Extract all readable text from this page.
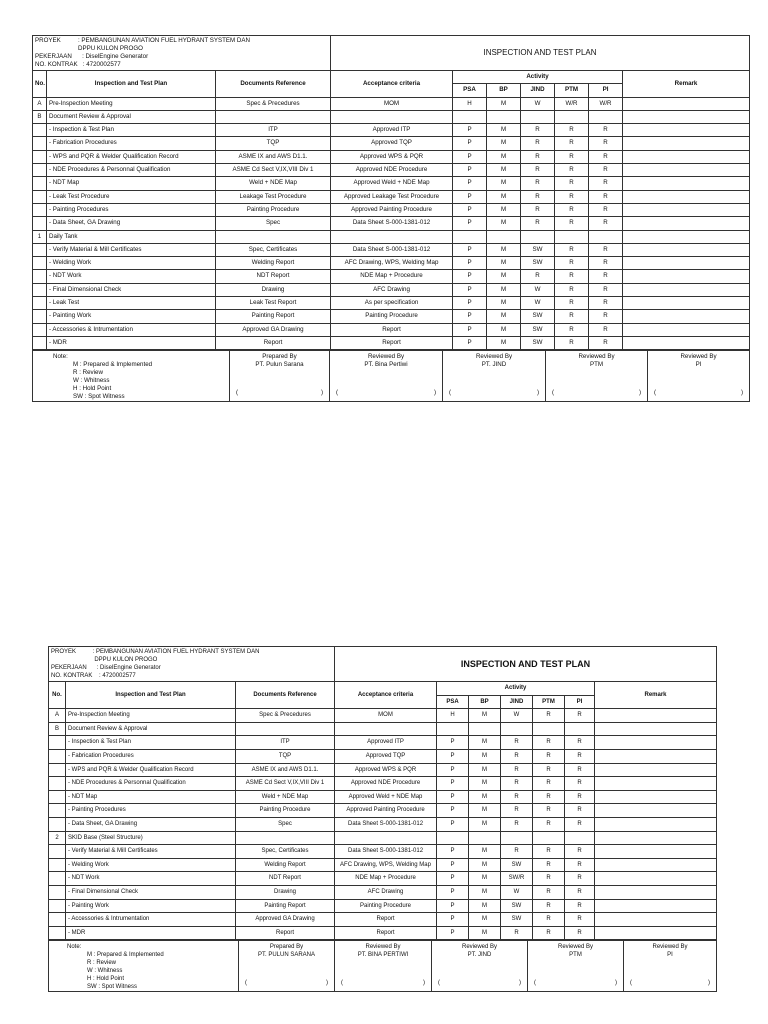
PROYEK          : PEMBANGUNAN AVIATION FUEL HYDRANT SYSTEM DAN
DPPU KULON PROGO
PEKERJAAN      : DiselEngine Generator
NO. KONTRAK   : 4720002577			INSPECTION AND TEST PLAN						
No.	Inspection and Test Plan	Documents Reference	Acceptance criteria	Activity					Remark
				PSA	BP	JIND	PTM	PI	
A	Pre-Inspection Meeting	Spec & Precedures	MOM	H	M	W	W/R	W/R	
B	Document Review & Approval								
	- Inspection & Test Plan	ITP	Approved ITP	P	M	R	R	R	
	- Fabrication Procedures	TQP	Approved TQP	P	M	R	R	R	
	- WPS and PQR & Welder Qualification Record	ASME IX and AWS D1.1.	Approved WPS & PQR	P	M	R	R	R	
	- NDE Procedures & Personnal Qualification	ASME Cd Sect V,IX,VIII Div 1	Approved NDE Procedure	P	M	R	R	R	
	- NDT Map	Weld + NDE Map	Approved Weld + NDE Map	P	M	R	R	R	
	- Leak Test Procedure	Leakage Test Procedure	Approved Leakage Test Procedure	P	M	R	R	R	
	- Painting Procedures	Painting Procedure	Approved Painting Procedure	P	M	R	R	R	
	- Data Sheet, GA Drawing	Spec	Data Sheet S-000-1381-012	P	M	R	R	R	
1	Daily Tank								
	- Verify Material & Mill Certificates	Spec, Certificates	Data Sheet S-000-1381-012	P	M	SW	R	R	
	- Welding Work	Welding Report	AFC Drawing, WPS, Welding Map	P	M	SW	R	R	
	- NDT Work	NDT Report	NDE Map + Procedure	P	M	R	R	R	
	- Final Dimensional Check	Drawing	AFC Drawing	P	M	W	R	R	
	- Leak Test	Leak Test Report	As per specification	P	M	W	R	R	
	- Painting Work	Painting Report	Painting Procedure	P	M	SW	R	R	
	- Accessories & Intrumentation	Approved GA Drawing	Report	P	M	SW	R	R	
	- MDR	Report	Report	P	M	SW	R	R	
Note:
M : Prepared & Implemented
R : Review
W : Whitness
H : Hold Point
SW : Spot Witness

Prepared By
PT. Pulun Sarana
(	)

Reviewed By
PT. Bina Pertiwi
(	)

Reviewed By
PT. JIND
(	)

Reviewed By
PTM
(	)

Reviewed By
PI
(	)
PROYEK          : PEMBANGUNAN AVIATION FUEL HYDRANT SYSTEM DAN
DPPU KULON PROGO
PEKERJAAN      : DiselEngine Generator
NO. KONTRAK    : 4720002577			INSPECTION AND TEST PLAN						
No.	Inspection and Test Plan	Documents Reference	Acceptance criteria	Activity					Remark
				PSA	BP	JIND	PTM	PI	
A	Pre-Inspection Meeting	Spec & Precedures	MOM	H	M	W	R	R	
B	Document Review & Approval								
	- Inspection & Test Plan	ITP	Approved ITP	P	M	R	R	R	
	- Fabrication Procedures	TQP	Approved TQP	P	M	R	R	R	
	- WPS and PQR & Welder Qualification Record	ASME IX and AWS D1.1.	Approved WPS & PQR	P	M	R	R	R	
	- NDE Procedures & Personnal Qualification	ASME Cd Sect V,IX,VIII Div 1	Approved NDE Procedure	P	M	R	R	R	
	- NDT Map	Weld + NDE Map	Approved Weld + NDE Map	P	M	R	R	R	
	- Painting Procedures	Painting Procedure	Approved Painting Procedure	P	M	R	R	R	
	- Data Sheet, GA Drawing	Spec	Data Sheet S-000-1381-012	P	M	R	R	R	
2	SKID Base (Steel Structure)								
	- Verify Material & Mill Certificates	Spec, Certificates	Data Sheet S-000-1381-012	P	M	R	R	R	
	- Welding Work	Welding Report	AFC Drawing, WPS, Welding Map	P	M	SW	R	R	
	- NDT Work	NDT Report	NDE Map + Procedure	P	M	SW/R	R	R	
	- Final Dimensional Check	Drawing	AFC Drawing	P	M	W	R	R	
	- Painting Work	Painting Report	Painting Procedure	P	M	SW	R	R	
	- Accessories & Intrumentation	Approved GA Drawing	Report	P	M	SW	R	R	
	- MDR	Report	Report	P	M	R	R	R	
Note:
M : Prepared & Implemented
R : Review
W : Whitness
H : Hold Point
SW : Spot Witness

Prepared By
PT. PULUN SARANA
(	)

Reviewed By
PT. BINA PERTIWI
(	)

Reviewed By
PT. JIND
(	)

Reviewed By
PTM
(	)

Reviewed By
PI
(	)
